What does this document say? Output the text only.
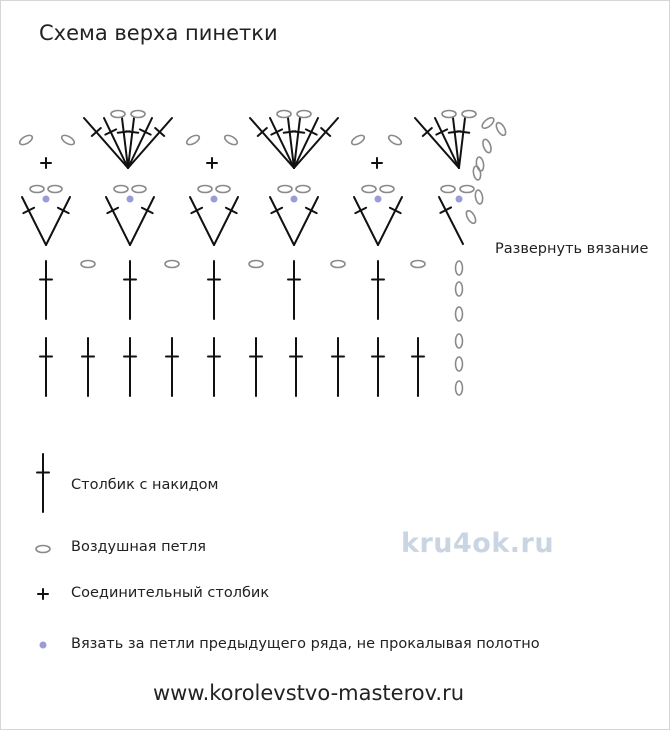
Схема верха пинетки
Развернуть вязание
Столбик с накидом
Воздушная петля
Соединительный столбик
Вязать за петли предыдущего ряда, не прокалывая полотно
kru4ok.ru
www.korolevstvo-masterov.ru
